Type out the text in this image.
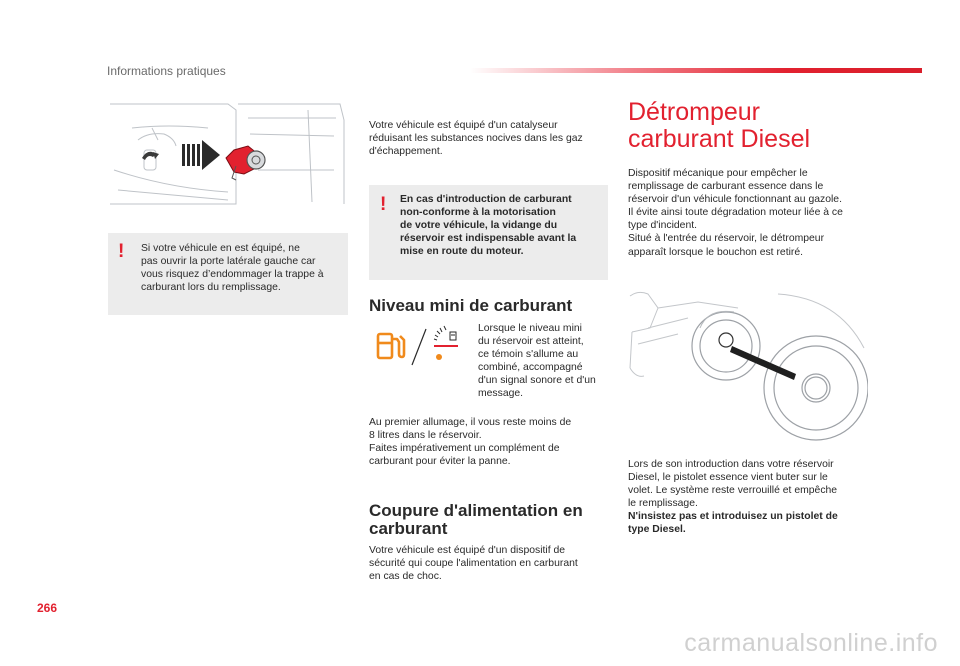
Informations pratiques
! Si votre véhicule en est équipé, ne
pas ouvrir la porte latérale gauche car
vous risquez d’endommager la trappe à
carburant lors du remplissage.
Votre véhicule est équipé d'un catalyseur
réduisant les substances nocives dans les gaz
d'échappement.
! En cas d'introduction de carburant
non-conforme à la motorisation
de votre véhicule, la vidange du
réservoir est indispensable avant la
mise en route du moteur.
Niveau mini de carburant
Lorsque le niveau mini
du réservoir est atteint,
ce témoin s'allume au
combiné, accompagné
d'un signal sonore et d'un
message.
Au premier allumage, il vous reste moins de
8 litres dans le réservoir.
Faites impérativement un complément de
carburant pour éviter la panne.
Coupure d'alimentation en
carburant
Votre véhicule est équipé d'un dispositif de
sécurité qui coupe l'alimentation en carburant
en cas de choc.
Détrompeur
carburant Diesel
Dispositif mécanique pour empêcher le
remplissage de carburant essence dans le
réservoir d'un véhicule fonctionnant au gazole.
Il évite ainsi toute dégradation moteur liée à ce
type d'incident.
Situé à l'entrée du réservoir, le détrompeur
apparaît lorsque le bouchon est retiré.
Lors de son introduction dans votre réservoir
Diesel, le pistolet essence vient buter sur le
volet. Le système reste verrouillé et empêche
le remplissage.
N'insistez pas et introduisez un pistolet de
type Diesel.
266
carmanualsonline.info
